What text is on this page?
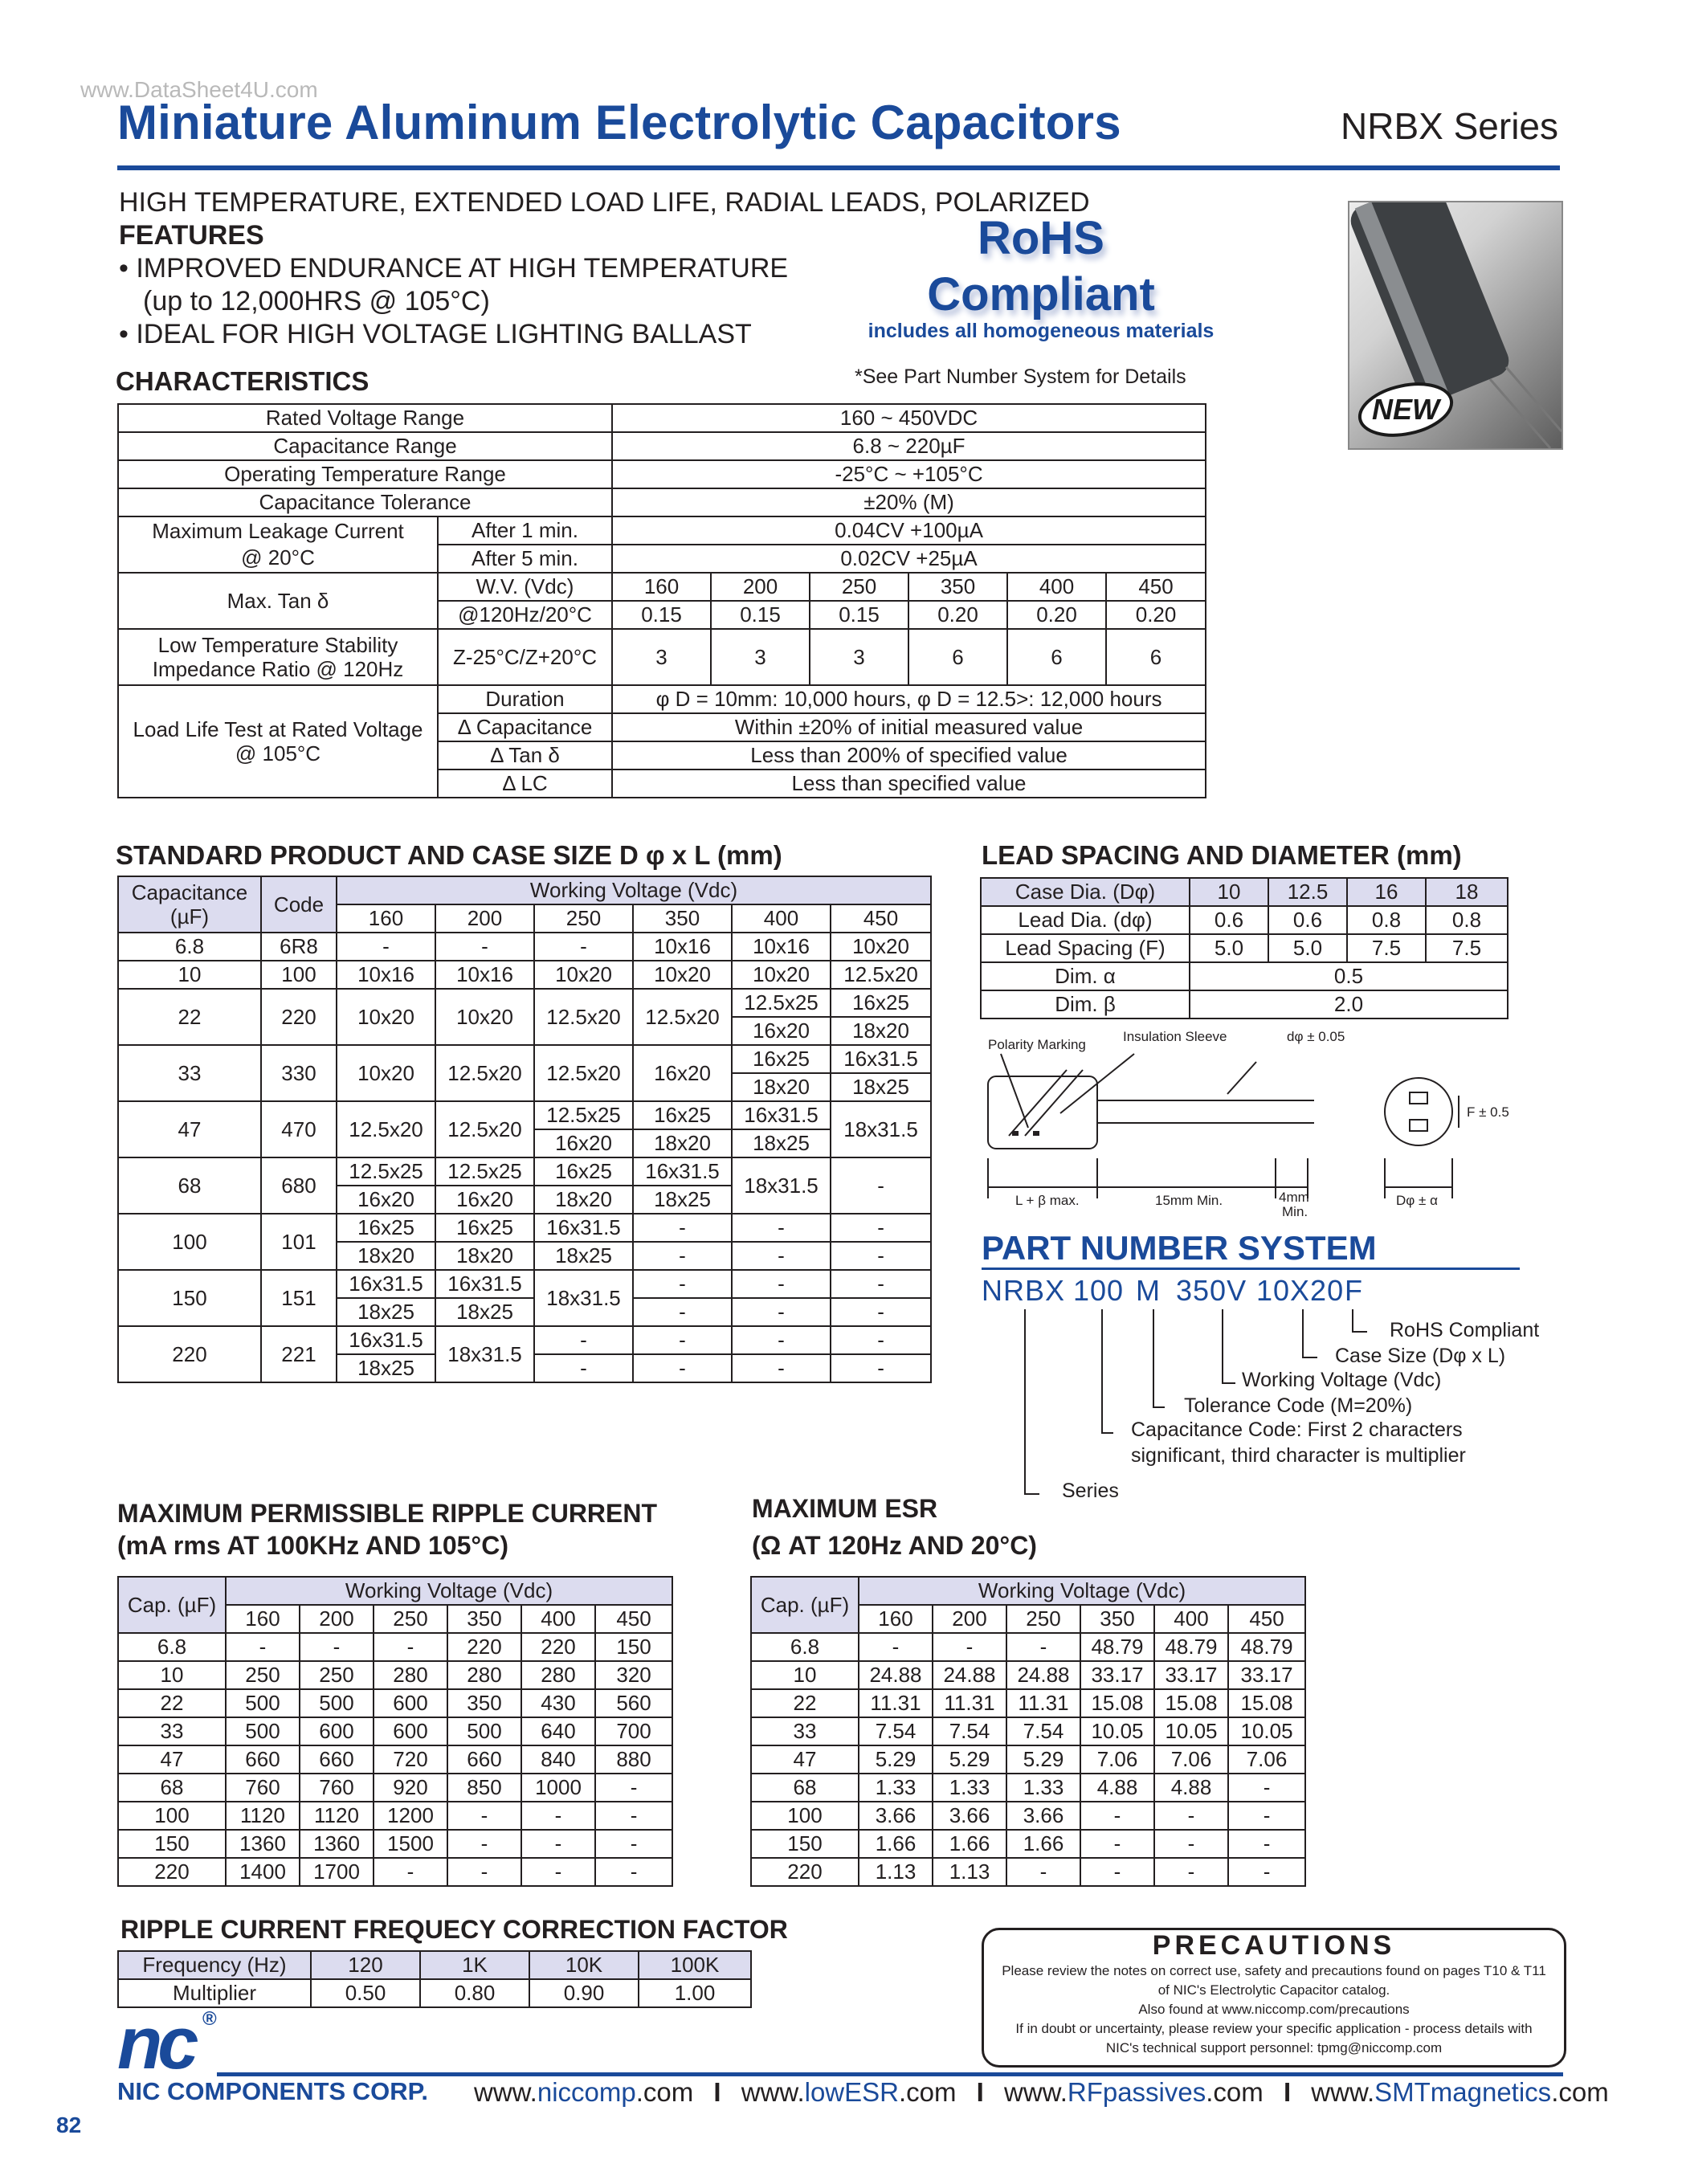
www.DataSheet4U.com
Miniature Aluminum Electrolytic Capacitors	NRBX Series
HIGH TEMPERATURE, EXTENDED LOAD LIFE, RADIAL LEADS, POLARIZED
FEATURES
• IMPROVED ENDURANCE AT HIGH TEMPERATURE
(up to 12,000HRS @ 105°C)
• IDEAL FOR HIGH VOLTAGE LIGHTING BALLAST
RoHS
Compliant
includes all homogeneous materials
*See Part Number System for Details
NEW
CHARACTERISTICS
Rated Voltage Range		160 ~ 450VDC					
Capacitance Range		6.8 ~ 220µF					
Operating Temperature Range		-25°C ~ +105°C					
Capacitance Tolerance		±20% (M)					
Maximum Leakage Current
@ 20°C	After 1 min.	0.04CV +100µA					
	After 5 min.	0.02CV +25µA					
Max. Tan δ	W.V. (Vdc)	160	200	250	350	400	450
	@120Hz/20°C	0.15	0.15	0.15	0.20	0.20	0.20
Low Temperature Stability
Impedance Ratio @ 120Hz	Z-25°C/Z+20°C	3	3	3	6	6	6
Load Life Test at Rated Voltage
@ 105°C	Duration	φ D = 10mm: 10,000 hours, φ D = 12.5>: 12,000 hours					
	Δ Capacitance	Within ±20% of initial measured value					
	Δ Tan δ	Less than 200% of specified value					
	Δ LC	Less than specified value					
STANDARD PRODUCT AND CASE SIZE D φ x L (mm)
Capacitance
(µF)	Code	Working Voltage (Vdc)					
		160	200	250	350	400	450
6.8	6R8	-	-	-	10x16	10x16	10x20
10	100	10x16	10x16	10x20	10x20	10x20	12.5x20
22	220	10x20	10x20	12.5x20	12.5x20	12.5x25	16x25
						16x20	18x20
33	330	10x20	12.5x20	12.5x20	16x20	16x25	16x31.5
						18x20	18x25
47	470	12.5x20	12.5x20	12.5x25	16x25	16x31.5	18x31.5
				16x20	18x20	18x25	
68	680	12.5x25	12.5x25	16x25	16x31.5	18x31.5	-
		16x20	16x20	18x20	18x25		
100	101	16x25	16x25	16x31.5	-	-	-
		18x20	18x20	18x25	-	-	-
150	151	16x31.5	16x31.5	18x31.5	-	-	-
		18x25	18x25		-	-	-
220	221	16x31.5	18x31.5	-	-	-	-
		18x25		-	-	-	-
LEAD SPACING AND DIAMETER (mm)
Case Dia. (Dφ)	10	12.5	16	18
Lead Dia. (dφ)	0.6	0.6	0.8	0.8
Lead Spacing (F)	5.0	5.0	7.5	7.5
Dim. α	0.5			
Dim. β	2.0			
Polarity Marking
Insulation Sleeve	dφ ± 0.05
F ± 0.5
L + β max.	15mm Min.	4mm
Min.
Dφ ± α
PART NUMBER SYSTEM
NRBX 100 M 350V 10X20 F
RoHS Compliant
Case Size (Dφ x L)
Working Voltage (Vdc)
Tolerance Code (M=20%)
Capacitance Code: First 2 characters
significant, third character is multiplier
Series
MAXIMUM PERMISSIBLE RIPPLE CURRENT
(mA rms AT 100KHz AND 105°C)
Cap. (µF)	Working Voltage (Vdc)					
	160	200	250	350	400	450
6.8	-	-	-	220	220	150
10	250	250	280	280	280	320
22	500	500	600	350	430	560
33	500	600	600	500	640	700
47	660	660	720	660	840	880
68	760	760	920	850	1000	-
100	1120	1120	1200	-	-	-
150	1360	1360	1500	-	-	-
220	1400	1700	-	-	-	-
MAXIMUM ESR
(Ω AT 120Hz AND 20°C)
Cap. (µF)	Working Voltage (Vdc)					
	160	200	250	350	400	450
6.8	-	-	-	48.79	48.79	48.79
10	24.88	24.88	24.88	33.17	33.17	33.17
22	11.31	11.31	11.31	15.08	15.08	15.08
33	7.54	7.54	7.54	10.05	10.05	10.05
47	5.29	5.29	5.29	7.06	7.06	7.06
68	1.33	1.33	1.33	4.88	4.88	-
100	3.66	3.66	3.66	-	-	-
150	1.66	1.66	1.66	-	-	-
220	1.13	1.13	-	-	-	-
RIPPLE CURRENT FREQUECY CORRECTION FACTOR
Frequency (Hz)	120	1K	10K	100K
Multiplier	0.50	0.80	0.90	1.00
PRECAUTIONS
Please review the notes on correct use, safety and precautions found on pages T10 & T11
of NIC's Electrolytic Capacitor catalog.
Also found at www.niccomp.com/precautions
If in doubt or uncertainty, please review your specific application - process details with
NIC's technical support personnel: tpmg@niccomp.com
nc ®
NIC COMPONENTS CORP. www.niccomp.com I www.lowESR.com I www.RFpassives.com I www.SMTmagnetics.com
82
